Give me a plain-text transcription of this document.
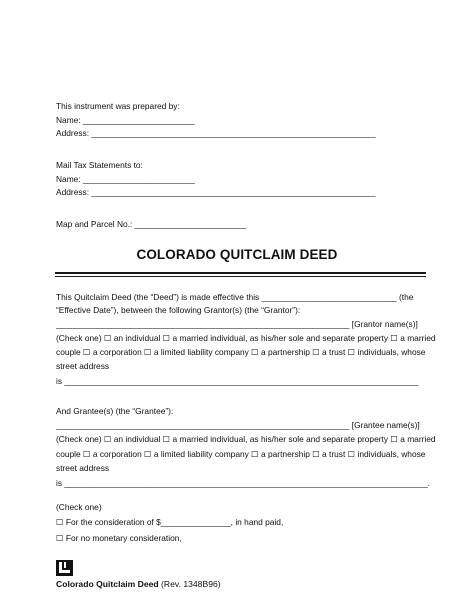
This instrument was prepared by:
Name: ________________________
Address: _____________________________________________________________
Mail Tax Statements to:
Name: ________________________
Address: _____________________________________________________________
Map and Parcel No.: ________________________
COLORADO QUITCLAIM DEED
This Quitclaim Deed (the “Deed”) is made effective this _____________________________ (the
“Effective Date”), between the following Grantor(s) (the “Grantor”):
_______________________________________________________________ [Grantor name(s)]
(Check one) ☐ an individual ☐ a married individual, as his/her sole and separate property ☐ a married
couple ☐ a corporation ☐ a limited liability company ☐ a partnership ☐ a trust ☐ individuals, whose
street address
is ____________________________________________________________________________
And Grantee(s) (the “Grantee”):
_______________________________________________________________ [Grantee name(s)]
(Check one) ☐ an individual ☐ a married individual, as his/her sole and separate property ☐ a married
couple ☐ a corporation ☐ a limited liability company ☐ a partnership ☐ a trust ☐ individuals, whose
street address
is ______________________________________________________________________________.
(Check one)
☐ For the consideration of $_______________, in hand paid,
☐ For no monetary consideration,
Colorado Quitclaim Deed (Rev. 1348B96)
